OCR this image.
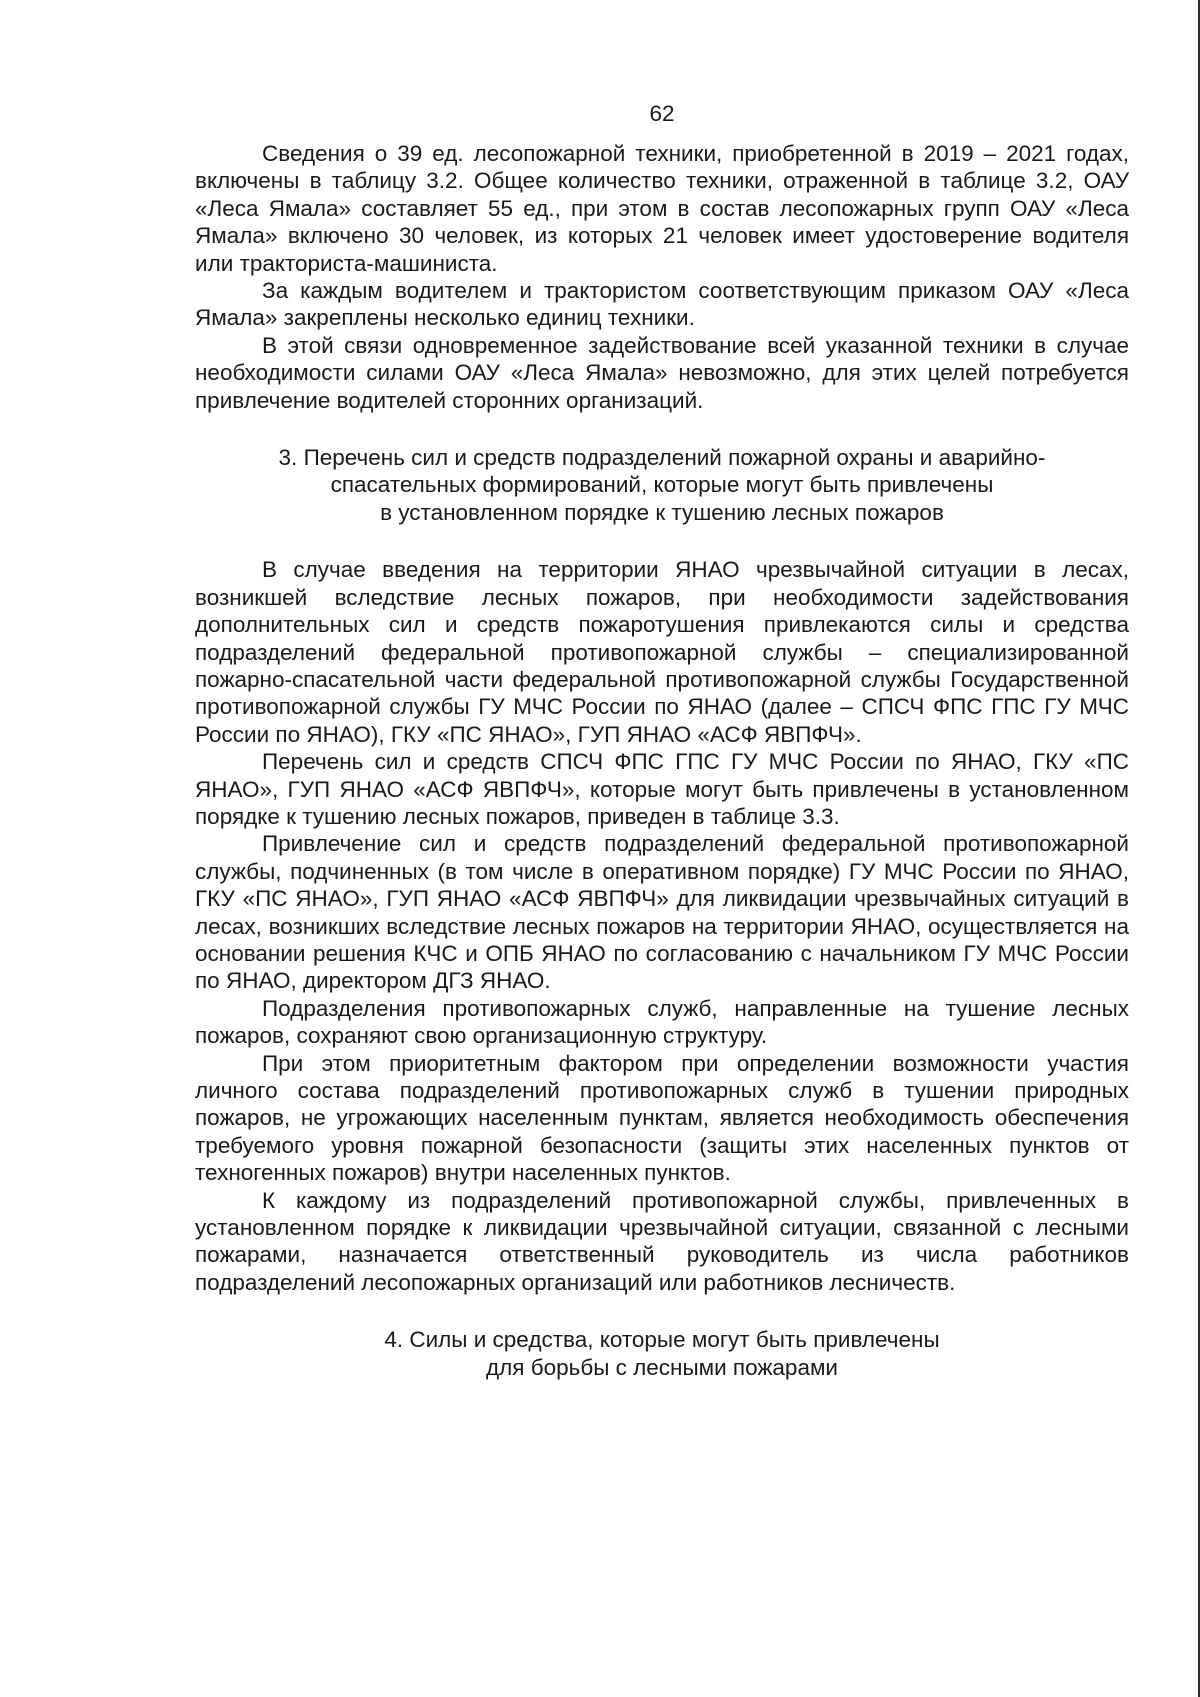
62

Сведения о 39 ед. лесопожарной техники, приобретенной в 2019 – 2021 годах, включены в таблицу 3.2. Общее количество техники, отраженной в таблице 3.2, ОАУ «Леса Ямала» составляет 55 ед., при этом в состав лесопожарных групп ОАУ «Леса Ямала» включено 30 человек, из которых 21 человек имеет удостоверение водителя или тракториста-машиниста.

За каждым водителем и трактористом соответствующим приказом ОАУ «Леса Ямала» закреплены несколько единиц техники.

В этой связи одновременное задействование всей указанной техники в случае необходимости силами ОАУ «Леса Ямала» невозможно, для этих целей потребуется привлечение водителей сторонних организаций.

3. Перечень сил и средств подразделений пожарной охраны и аварийно-
спасательных формирований, которые могут быть привлечены
в установленном порядке к тушению лесных пожаров

В случае введения на территории ЯНАО чрезвычайной ситуации в лесах, возникшей вследствие лесных пожаров, при необходимости задействования дополнительных сил и средств пожаротушения привлекаются силы и средства подразделений федеральной противопожарной службы – специализированной пожарно-спасательной части федеральной противопожарной службы Государственной противопожарной службы ГУ МЧС России по ЯНАО (далее – СПСЧ ФПС ГПС ГУ МЧС России по ЯНАО), ГКУ «ПС ЯНАО», ГУП ЯНАО «АСФ ЯВПФЧ».

Перечень сил и средств СПСЧ ФПС ГПС ГУ МЧС России по ЯНАО, ГКУ «ПС ЯНАО», ГУП ЯНАО «АСФ ЯВПФЧ», которые могут быть привлечены в установленном порядке к тушению лесных пожаров, приведен в таблице 3.3.

Привлечение сил и средств подразделений федеральной противопожарной службы, подчиненных (в том числе в оперативном порядке) ГУ МЧС России по ЯНАО, ГКУ «ПС ЯНАО», ГУП ЯНАО «АСФ ЯВПФЧ» для ликвидации чрезвычайных ситуаций в лесах, возникших вследствие лесных пожаров на территории ЯНАО, осуществляется на основании решения КЧС и ОПБ ЯНАО по согласованию с начальником ГУ МЧС России по ЯНАО, директором ДГЗ ЯНАО.

Подразделения противопожарных служб, направленные на тушение лесных пожаров, сохраняют свою организационную структуру.

При этом приоритетным фактором при определении возможности участия личного состава подразделений противопожарных служб в тушении природных пожаров, не угрожающих населенным пунктам, является необходимость обеспечения требуемого уровня пожарной безопасности (защиты этих населенных пунктов от техногенных пожаров) внутри населенных пунктов.

К каждому из подразделений противопожарной службы, привлеченных в установленном порядке к ликвидации чрезвычайной ситуации, связанной с лесными пожарами, назначается ответственный руководитель из числа работников подразделений лесопожарных организаций или работников лесничеств.

4. Силы и средства, которые могут быть привлечены
для борьбы с лесными пожарами
